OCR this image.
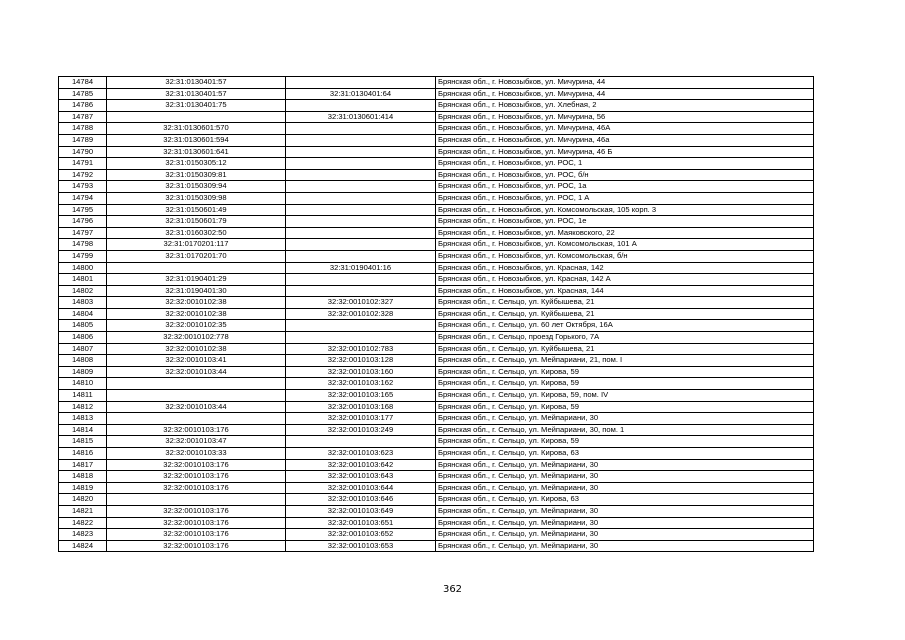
14784	32:31:0130401:57		Брянская обл., г. Новозыбков, ул. Мичурина, 44
14785	32:31:0130401:57	32:31:0130401:64	Брянская обл., г. Новозыбков, ул. Мичурина, 44
14786	32:31:0130401:75		Брянская обл., г. Новозыбков, ул. Хлебная, 2
14787		32:31:0130601:414	Брянская обл., г. Новозыбков, ул. Мичурина, 56
14788	32:31:0130601:570		Брянская обл., г. Новозыбков, ул. Мичурина, 46А
14789	32:31:0130601:594		Брянская обл., г. Новозыбков, ул. Мичурина, 46а
14790	32:31:0130601:641		Брянская обл., г. Новозыбков, ул. Мичурина, 46 Б
14791	32:31:0150305:12		Брянская обл., г. Новозыбков, ул. РОС, 1
14792	32:31:0150309:81		Брянская обл., г. Новозыбков, ул. РОС, б/н
14793	32:31:0150309:94		Брянская обл., г. Новозыбков, ул. РОС, 1а
14794	32:31:0150309:98		Брянская обл., г. Новозыбков, ул. РОС, 1 А
14795	32:31:0150601:49		Брянская обл., г. Новозыбков, ул. Комсомольская, 105 корп. 3
14796	32:31:0150601:79		Брянская обл., г. Новозыбков, ул. РОС, 1е
14797	32:31:0160302:50		Брянская обл., г. Новозыбков, ул. Маяковского, 22
14798	32:31:0170201:117		Брянская обл., г. Новозыбков, ул. Комсомольская, 101 А
14799	32:31:0170201:70		Брянская обл., г. Новозыбков, ул. Комсомольская, б/н
14800		32:31:0190401:16	Брянская обл., г. Новозыбков, ул. Красная, 142
14801	32:31:0190401:29		Брянская обл., г. Новозыбков, ул. Красная, 142 А
14802	32:31:0190401:30		Брянская обл., г. Новозыбков, ул. Красная, 144
14803	32:32:0010102:38	32:32:0010102:327	Брянская обл., г. Сельцо, ул. Куйбышева, 21
14804	32:32:0010102:38	32:32:0010102:328	Брянская обл., г. Сельцо, ул. Куйбышева, 21
14805	32:32:0010102:35		Брянская обл., г. Сельцо, ул. 60 лет Октября, 16А
14806	32:32:0010102:778		Брянская обл., г. Сельцо, проезд Горького, 7А
14807	32:32:0010102:38	32:32:0010102:783	Брянская обл., г. Сельцо, ул. Куйбышева, 21
14808	32:32:0010103:41	32:32:0010103:128	Брянская обл., г. Сельцо, ул. Мейпариани, 21, пом. I
14809	32:32:0010103:44	32:32:0010103:160	Брянская обл., г. Сельцо, ул. Кирова, 59
14810		32:32:0010103:162	Брянская обл., г. Сельцо, ул. Кирова, 59
14811		32:32:0010103:165	Брянская обл., г. Сельцо, ул. Кирова, 59, пом. IV
14812	32:32:0010103:44	32:32:0010103:168	Брянская обл., г. Сельцо, ул. Кирова, 59
14813		32:32:0010103:177	Брянская обл., г. Сельцо, ул. Мейпариани, 30
14814	32:32:0010103:176	32:32:0010103:249	Брянская обл., г. Сельцо, ул. Мейпариани, 30, пом. 1
14815	32:32:0010103:47		Брянская обл., г. Сельцо, ул. Кирова, 59
14816	32:32:0010103:33	32:32:0010103:623	Брянская обл., г. Сельцо, ул. Кирова, 63
14817	32:32:0010103:176	32:32:0010103:642	Брянская обл., г. Сельцо, ул. Мейпариани, 30
14818	32:32:0010103:176	32:32:0010103:643	Брянская обл., г. Сельцо, ул. Мейпариани, 30
14819	32:32:0010103:176	32:32:0010103:644	Брянская обл., г. Сельцо, ул. Мейпариани, 30
14820		32:32:0010103:646	Брянская обл., г. Сельцо, ул. Кирова, 63
14821	32:32:0010103:176	32:32:0010103:649	Брянская обл., г. Сельцо, ул. Мейпариани, 30
14822	32:32:0010103:176	32:32:0010103:651	Брянская обл., г. Сельцо, ул. Мейпариани, 30
14823	32:32:0010103:176	32:32:0010103:652	Брянская обл., г. Сельцо, ул. Мейпариани, 30
14824	32:32:0010103:176	32:32:0010103:653	Брянская обл., г. Сельцо, ул. Мейпариани, 30
362
